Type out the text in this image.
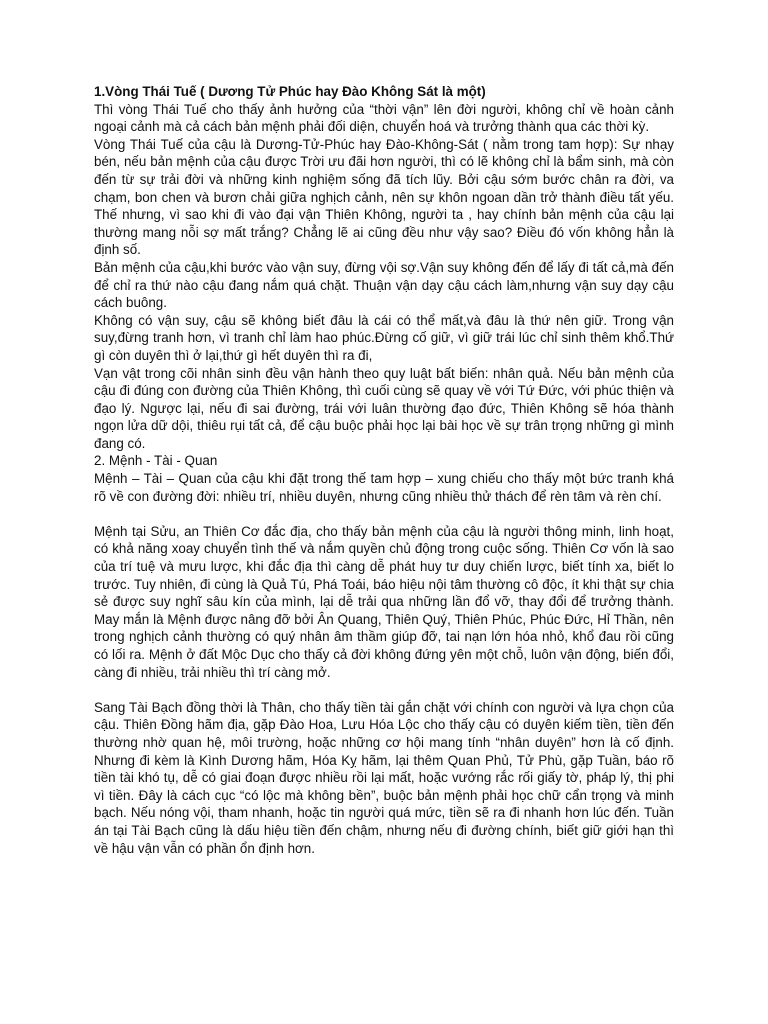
1.Vòng Thái Tuế ( Dương Tử Phúc hay Đào Không Sát là một)

Thì vòng Thái Tuế cho thấy ảnh hưởng của “thời vận” lên đời người, không chỉ về hoàn cảnh ngoại cảnh mà cả cách bản mệnh phải đối diện, chuyển hoá và trưởng thành qua các thời kỳ.

Vòng Thái Tuế của cậu là Dương-Tử-Phúc hay Đào-Không-Sát ( nằm trong tam hợp): Sự nhạy bén, nếu bản mệnh của cậu được Trời ưu đãi hơn người, thì có lẽ không chỉ là bẩm sinh, mà còn đến từ sự trải đời và những kinh nghiệm sống đã tích lũy. Bởi cậu sớm bước chân ra đời, va chạm, bon chen và bươn chải giữa nghịch cảnh, nên sự khôn ngoan dần trở thành điều tất yếu. Thế nhưng, vì sao khi đi vào đại vận Thiên Không, người ta , hay chính bản mệnh của cậu lại thường mang nỗi sợ mất trắng? Chẳng lẽ ai cũng đều như vậy sao? Điều đó vốn không hẳn là định số.

Bản mệnh của cậu,khi bước vào vận suy, đừng vội sợ.Vận suy không đến để lấy đi tất cả,mà đến để chỉ ra thứ nào cậu đang nắm quá chặt. Thuận vận dạy cậu cách làm,nhưng vận suy dạy cậu cách buông.

Không có vận suy, cậu sẽ không biết đâu là cái có thể mất,và đâu là thứ nên giữ. Trong vận suy,đừng tranh hơn, vì tranh chỉ làm hao phúc.Đừng cố giữ, vì giữ trái lúc chỉ sinh thêm khổ.Thứ gì còn duyên thì ở lại,thứ gì hết duyên thì ra đi,

Vạn vật trong cõi nhân sinh đều vận hành theo quy luật bất biến: nhân quả. Nếu bản mệnh của cậu đi đúng con đường của Thiên Không, thì cuối cùng sẽ quay về với Tứ Đức, với phúc thiện và đạo lý. Ngược lại, nếu đi sai đường, trái với luân thường đạo đức, Thiên Không sẽ hóa thành ngọn lửa dữ dội, thiêu rụi tất cả, để cậu buộc phải học lại bài học về sự trân trọng những gì mình đang có.

2. Mệnh - Tài - Quan

Mệnh – Tài – Quan của cậu khi đặt trong thế tam hợp – xung chiếu cho thấy một bức tranh khá rõ về con đường đời: nhiều trí, nhiều duyên, nhưng cũng nhiều thử thách để rèn tâm và rèn chí.

Mệnh tại Sửu, an Thiên Cơ đắc địa, cho thấy bản mệnh của cậu là người thông minh, linh hoạt, có khả năng xoay chuyển tình thế và nắm quyền chủ động trong cuộc sống. Thiên Cơ vốn là sao của trí tuệ và mưu lược, khi đắc địa thì càng dễ phát huy tư duy chiến lược, biết tính xa, biết lo trước. Tuy nhiên, đi cùng là Quả Tú, Phá Toái, báo hiệu nội tâm thường cô độc, ít khi thật sự chia sẻ được suy nghĩ sâu kín của mình, lại dễ trải qua những lần đổ vỡ, thay đổi để trưởng thành. May mắn là Mệnh được nâng đỡ bởi Ân Quang, Thiên Quý, Thiên Phúc, Phúc Đức, Hỉ Thần, nên trong nghịch cảnh thường có quý nhân âm thầm giúp đỡ, tai nạn lớn hóa nhỏ, khổ đau rồi cũng có lối ra. Mệnh ở đất Mộc Dục cho thấy cả đời không đứng yên một chỗ, luôn vận động, biến đổi, càng đi nhiều, trải nhiều thì trí càng mở.

Sang Tài Bạch đồng thời là Thân, cho thấy tiền tài gắn chặt với chính con người và lựa chọn của cậu. Thiên Đồng hãm địa, gặp Đào Hoa, Lưu Hóa Lộc cho thấy cậu có duyên kiếm tiền, tiền đến thường nhờ quan hệ, môi trường, hoặc những cơ hội mang tính “nhân duyên” hơn là cố định. Nhưng đi kèm là Kình Dương hãm, Hóa Kỵ hãm, lại thêm Quan Phủ, Tử Phù, gặp Tuần, báo rõ tiền tài khó tụ, dễ có giai đoạn được nhiều rồi lại mất, hoặc vướng rắc rối giấy tờ, pháp lý, thị phi vì tiền. Đây là cách cục “có lộc mà không bền”, buộc bản mệnh phải học chữ cẩn trọng và minh bạch. Nếu nóng vội, tham nhanh, hoặc tin người quá mức, tiền sẽ ra đi nhanh hơn lúc đến. Tuần án tại Tài Bạch cũng là dấu hiệu tiền đến chậm, nhưng nếu đi đường chính, biết giữ giới hạn thì về hậu vận vẫn có phần ổn định hơn.
